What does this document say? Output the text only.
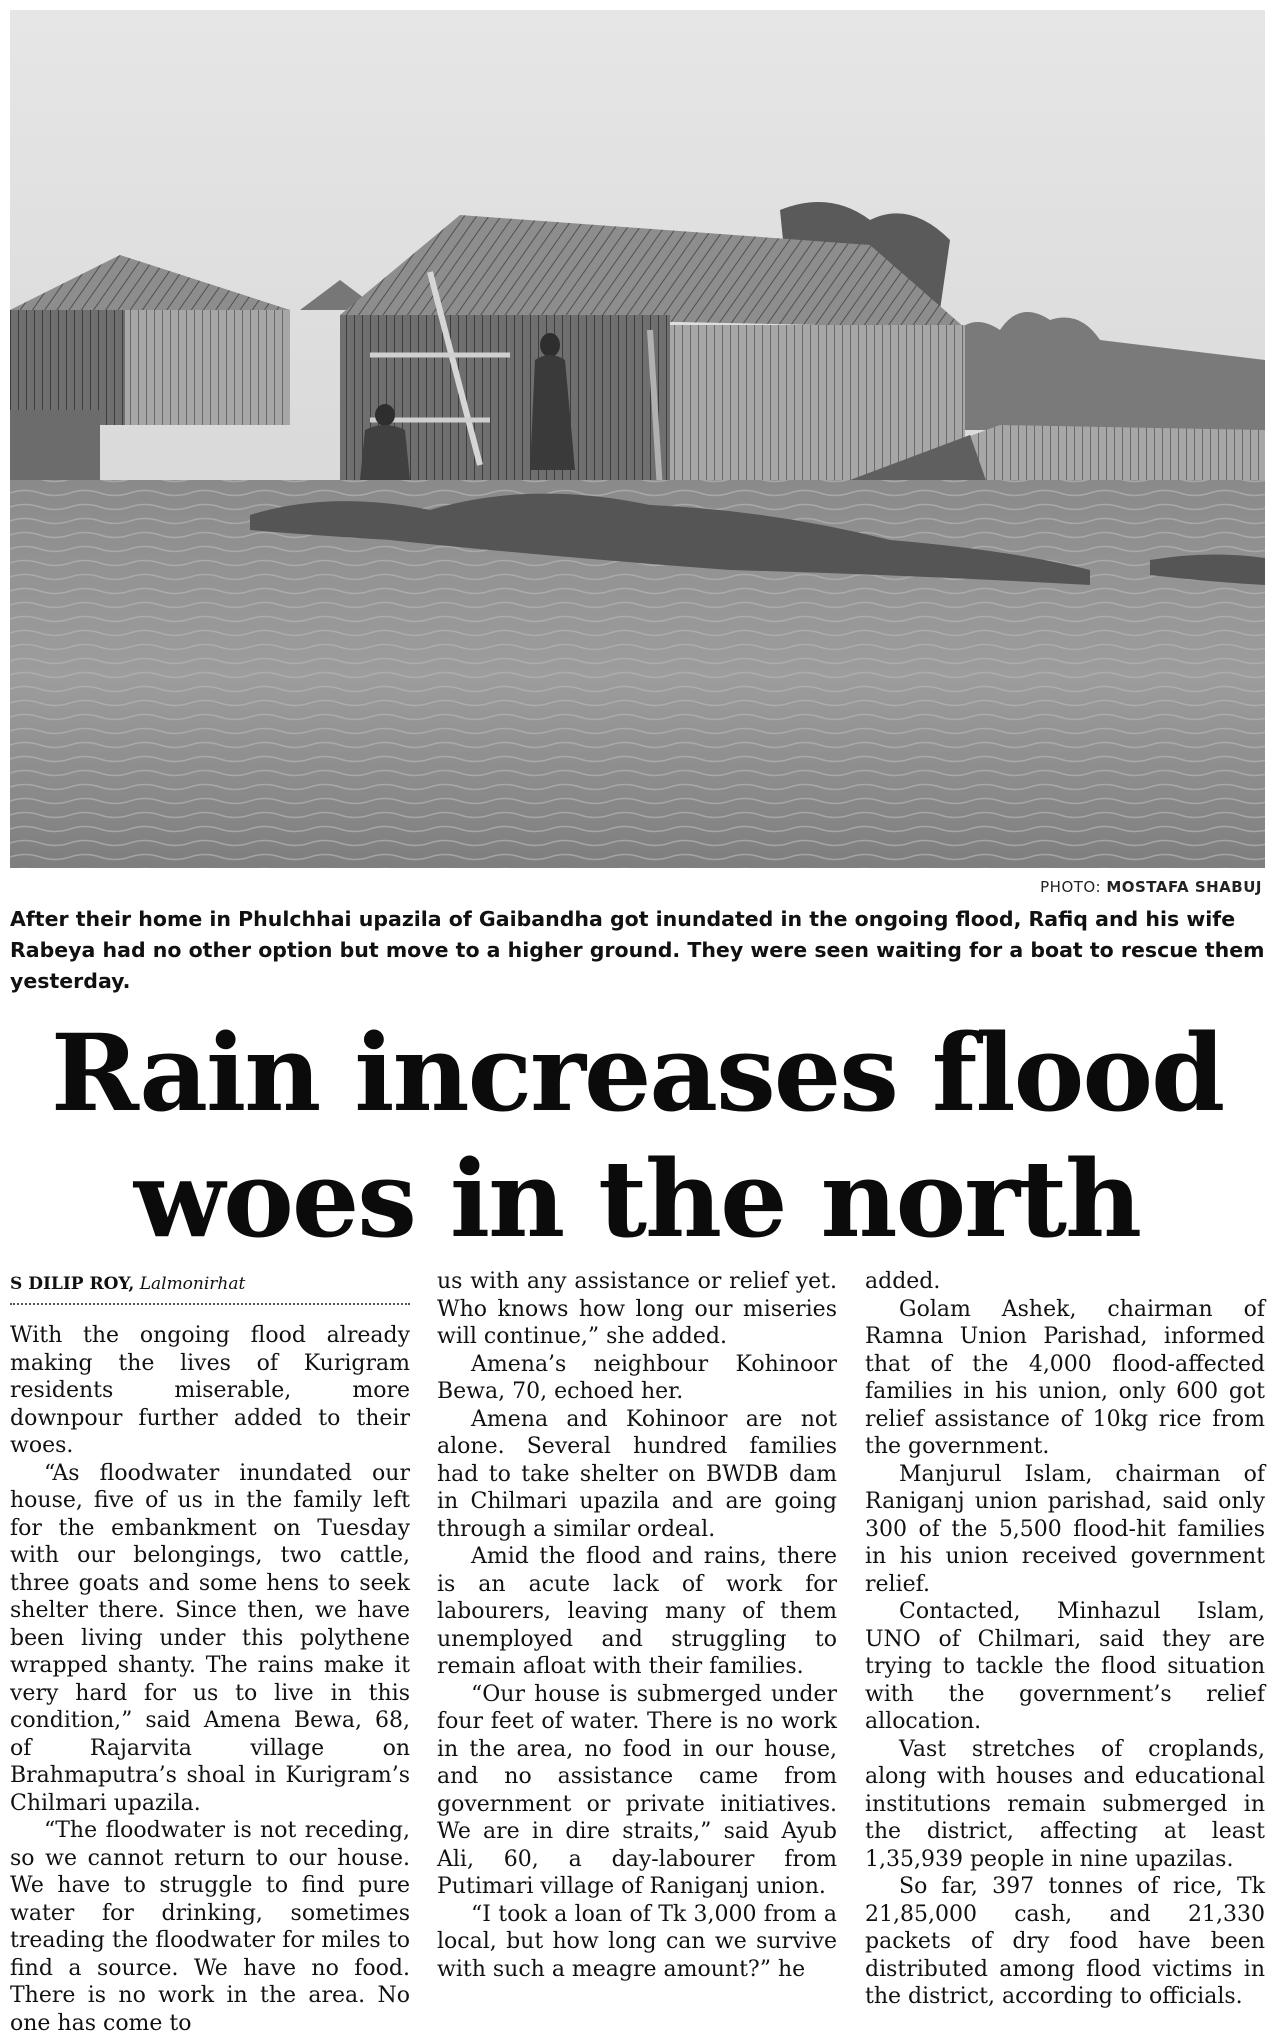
PHOTO: MOSTAFA SHABUJ
After their home in Phulchhai upazila of Gaibandha got inundated in the ongoing flood, Rafiq and his wife Rabeya had no other option but move to a higher ground. They were seen waiting for a boat to rescue them yesterday.
Rain increases flood
woes in the north
S DILIP ROY, Lalmonirhat

With the ongoing flood already making the lives of Kurigram residents miserable, more downpour further added to their woes.

“As floodwater inundated our house, five of us in the family left for the embankment on Tuesday with our belongings, two cattle, three goats and some hens to seek shelter there. Since then, we have been living under this polythene wrapped shanty. The rains make it very hard for us to live in this condition,” said Amena Bewa, 68, of Rajarvita village on Brahmaputra’s shoal in Kurigram’s Chilmari upazila.

“The floodwater is not receding, so we cannot return to our house. We have to struggle to find pure water for drinking, sometimes treading the floodwater for miles to find a source. We have no food. There is no work in the area. No one has come to

us with any assistance or relief yet. Who knows how long our miseries will continue,” she added.

Amena’s neighbour Kohinoor Bewa, 70, echoed her.

Amena and Kohinoor are not alone. Several hundred families had to take shelter on BWDB dam in Chilmari upazila and are going through a similar ordeal.

Amid the flood and rains, there is an acute lack of work for labourers, leaving many of them unemployed and struggling to remain afloat with their families.

“Our house is submerged under four feet of water. There is no work in the area, no food in our house, and no assistance came from government or private initiatives. We are in dire straits,” said Ayub Ali, 60, a day-labourer from Putimari village of Raniganj union.

“I took a loan of Tk 3,000 from a local, but how long can we survive with such a meagre amount?” he

added.

Golam Ashek, chairman of Ramna Union Parishad, informed that of the 4,000 flood-affected families in his union, only 600 got relief assistance of 10kg rice from the government.

Manjurul Islam, chairman of Raniganj union parishad, said only 300 of the 5,500 flood-hit families in his union received government relief.

Contacted, Minhazul Islam, UNO of Chilmari, said they are trying to tackle the flood situation with the government’s relief allocation.

Vast stretches of croplands, along with houses and educational institutions remain submerged in the district, affecting at least 1,35,939 people in nine upazilas.

So far, 397 tonnes of rice, Tk 21,85,000 cash, and 21,330 packets of dry food have been distributed among flood victims in the district, according to officials.
